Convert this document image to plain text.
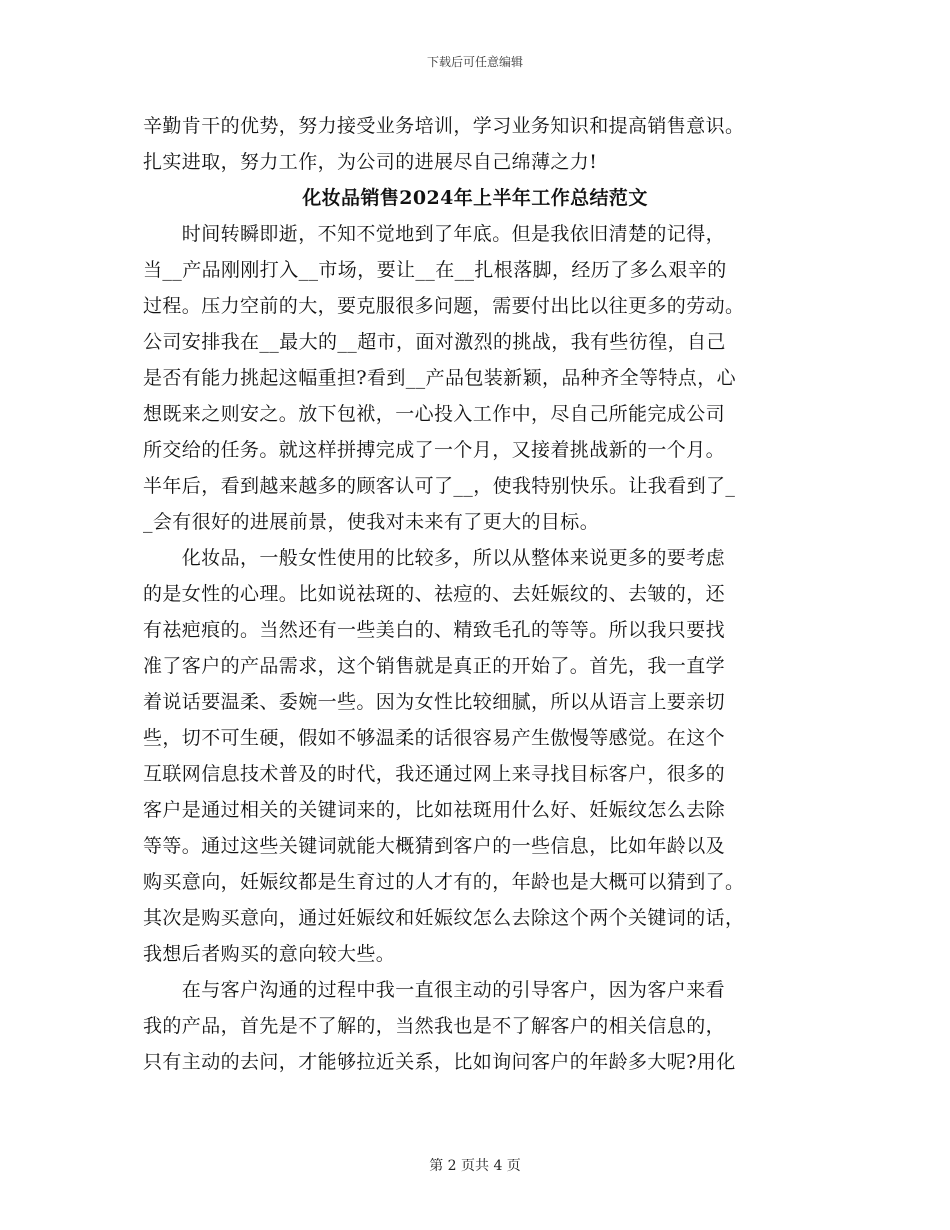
下载后可任意编辑
辛勤肯干的优势，努力接受业务培训，学习业务知识和提高销售意识。
扎实进取，努力工作，为公司的进展尽自己绵薄之力!
化妆品销售2024年上半年工作总结范文
　　时间转瞬即逝，不知不觉地到了年底。但是我依旧清楚的记得，
当__产品刚刚打入__市场，要让__在__扎根落脚，经历了多么艰辛的
过程。压力空前的大，要克服很多问题，需要付出比以往更多的劳动。
公司安排我在__最大的__超市，面对激烈的挑战，我有些彷徨，自己
是否有能力挑起这幅重担?看到__产品包装新颖，品种齐全等特点，心
想既来之则安之。放下包袱，一心投入工作中，尽自己所能完成公司
所交给的任务。就这样拼搏完成了一个月，又接着挑战新的一个月。
半年后，看到越来越多的顾客认可了__，使我特别快乐。让我看到了_
_会有很好的进展前景，使我对未来有了更大的目标。
　　化妆品，一般女性使用的比较多，所以从整体来说更多的要考虑
的是女性的心理。比如说祛斑的、祛痘的、去妊娠纹的、去皱的，还
有祛疤痕的。当然还有一些美白的、精致毛孔的等等。所以我只要找
准了客户的产品需求，这个销售就是真正的开始了。首先，我一直学
着说话要温柔、委婉一些。因为女性比较细腻，所以从语言上要亲切
些，切不可生硬，假如不够温柔的话很容易产生傲慢等感觉。在这个
互联网信息技术普及的时代，我还通过网上来寻找目标客户，很多的
客户是通过相关的关键词来的，比如祛斑用什么好、妊娠纹怎么去除
等等。通过这些关键词就能大概猜到客户的一些信息，比如年龄以及
购买意向，妊娠纹都是生育过的人才有的，年龄也是大概可以猜到了。
其次是购买意向，通过妊娠纹和妊娠纹怎么去除这个两个关键词的话，
我想后者购买的意向较大些。
　　在与客户沟通的过程中我一直很主动的引导客户，因为客户来看
我的产品，首先是不了解的，当然我也是不了解客户的相关信息的，
只有主动的去问，才能够拉近关系，比如询问客户的年龄多大呢?用化
第 2 页共 4 页
